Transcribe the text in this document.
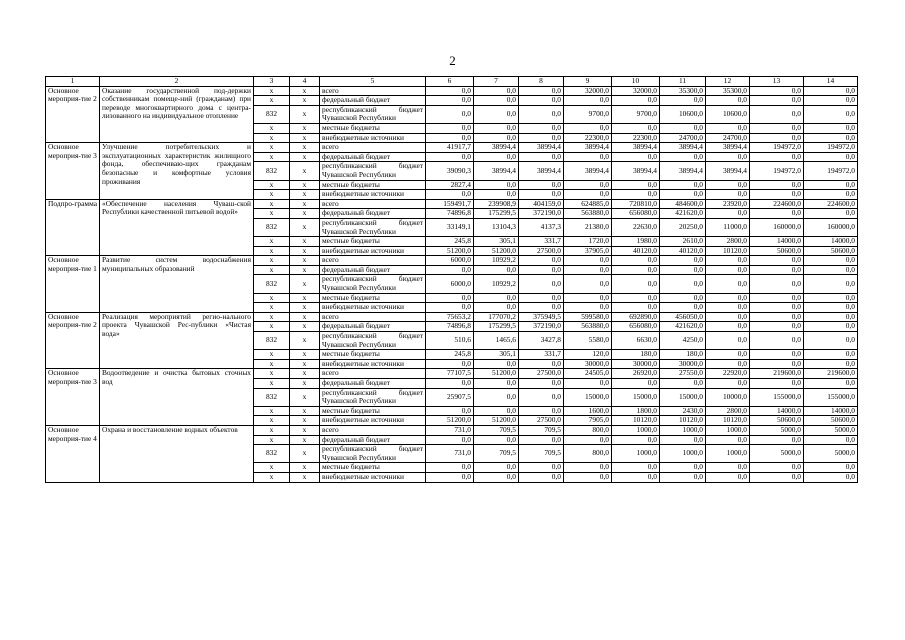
2
1	2	3	4	5	6	7	8	9	10	11	12	13	14
Основное мероприя-тие 2	Оказание государственной под-держки собственникам помеще-ний (гражданам) при переводе многоквартирного дома с центра-лизованного на индивидуальное отопление	x	x	всего	0,0	0,0	0,0	32000,0	32000,0	35300,0	35300,0	0,0	0,0
		x	x	федеральный бюджет	0,0	0,0	0,0	0,0	0,0	0,0	0,0	0,0	0,0
		832	x	республиканский бюджет Чувашской Республики	0,0	0,0	0,0	9700,0	9700,0	10600,0	10600,0	0,0	0,0
		x	x	местные бюджеты	0,0	0,0	0,0	0,0	0,0	0,0	0,0	0,0	0,0
		x	x	внебюджетные источники	0,0	0,0	0,0	22300,0	22300,0	24700,0	24700,0	0,0	0,0
Основное мероприя-тие 3	Улучшение потребительских и эксплуатационных характеристик жилищного фонда, обеспечиваю-щих гражданам безопасные и комфортные условия проживания	x	x	всего	41917,7	38994,4	38994,4	38994,4	38994,4	38994,4	38994,4	194972,0	194972,0
		x	x	федеральный бюджет	0,0	0,0	0,0	0,0	0,0	0,0	0,0	0,0	0,0
		832	x	республиканский бюджет Чувашской Республики	39090,3	38994,4	38994,4	38994,4	38994,4	38994,4	38994,4	194972,0	194972,0
		x	x	местные бюджеты	2827,4	0,0	0,0	0,0	0,0	0,0	0,0	0,0	0,0
		x	x	внебюджетные источники	0,0	0,0	0,0	0,0	0,0	0,0	0,0	0,0	0,0
Подпро-грамма	«Обеспечение населения Чуваш-ской Республики качественной питьевой водой»	x	x	всего	159491,7	239908,9	404159,0	624885,0	720810,0	484600,0	23920,0	224600,0	224600,0
		x	x	федеральный бюджет	74896,8	175299,5	372190,0	563880,0	656080,0	421620,0	0,0	0,0	0,0
		832	x	республиканский бюджет Чувашской Республики	33149,1	13104,3	4137,3	21380,0	22630,0	20250,0	11000,0	160000,0	160000,0
		x	x	местные бюджеты	245,8	305,1	331,7	1720,0	1980,0	2610,0	2800,0	14000,0	14000,0
		x	x	внебюджетные источники	51200,0	51200,0	27500,0	37905,0	40120,0	40120,0	10120,0	50600,0	50600,0
Основное мероприя-тие 1	Развитие систем водоснабжения муниципальных образований	x	x	всего	6000,0	10929,2	0,0	0,0	0,0	0,0	0,0	0,0	0,0
		x	x	федеральный бюджет	0,0	0,0	0,0	0,0	0,0	0,0	0,0	0,0	0,0
		832	x	республиканский бюджет Чувашской Республики	6000,0	10929,2	0,0	0,0	0,0	0,0	0,0	0,0	0,0
		x	x	местные бюджеты	0,0	0,0	0,0	0,0	0,0	0,0	0,0	0,0	0,0
		x	x	внебюджетные источники	0,0	0,0	0,0	0,0	0,0	0,0	0,0	0,0	0,0
Основное мероприя-тие 2	Реализация мероприятий регио-нального проекта Чувашской Рес-публики «Чистая вода»	x	x	всего	75653,2	177070,2	375949,5	599580,0	692890,0	456050,0	0,0	0,0	0,0
		x	x	федеральный бюджет	74896,8	175299,5	372190,0	563880,0	656080,0	421620,0	0,0	0,0	0,0
		832	x	республиканский бюджет Чувашской Республики	510,6	1465,6	3427,8	5580,0	6630,0	4250,0	0,0	0,0	0,0
		x	x	местные бюджеты	245,8	305,1	331,7	120,0	180,0	180,0	0,0	0,0	0,0
		x	x	внебюджетные источники	0,0	0,0	0,0	30000,0	30000,0	30000,0	0,0	0,0	0,0
Основное мероприя-тие 3	Водоотведение и очистка бытовых сточных вод	x	x	всего	77107,5	51200,0	27500,0	24505,0	26920,0	27550,0	22920,0	219600,0	219600,0
		x	x	федеральный бюджет	0,0	0,0	0,0	0,0	0,0	0,0	0,0	0,0	0,0
		832	x	республиканский бюджет Чувашской Республики	25907,5	0,0	0,0	15000,0	15000,0	15000,0	10000,0	155000,0	155000,0
		x	x	местные бюджеты	0,0	0,0	0,0	1600,0	1800,0	2430,0	2800,0	14000,0	14000,0
		x	x	внебюджетные источники	51200,0	51200,0	27500,0	7905,0	10120,0	10120,0	10120,0	50600,0	50600,0
Основное мероприя-тие 4	Охрана и восстановление водных объектов	x	x	всего	731,0	709,5	709,5	800,0	1000,0	1000,0	1000,0	5000,0	5000,0
		x	x	федеральный бюджет	0,0	0,0	0,0	0,0	0,0	0,0	0,0	0,0	0,0
		832	x	республиканский бюджет Чувашской Республики	731,0	709,5	709,5	800,0	1000,0	1000,0	1000,0	5000,0	5000,0
		x	x	местные бюджеты	0,0	0,0	0,0	0,0	0,0	0,0	0,0	0,0	0,0
		x	x	внебюджетные источники	0,0	0,0	0,0	0,0	0,0	0,0	0,0	0,0	0,0
